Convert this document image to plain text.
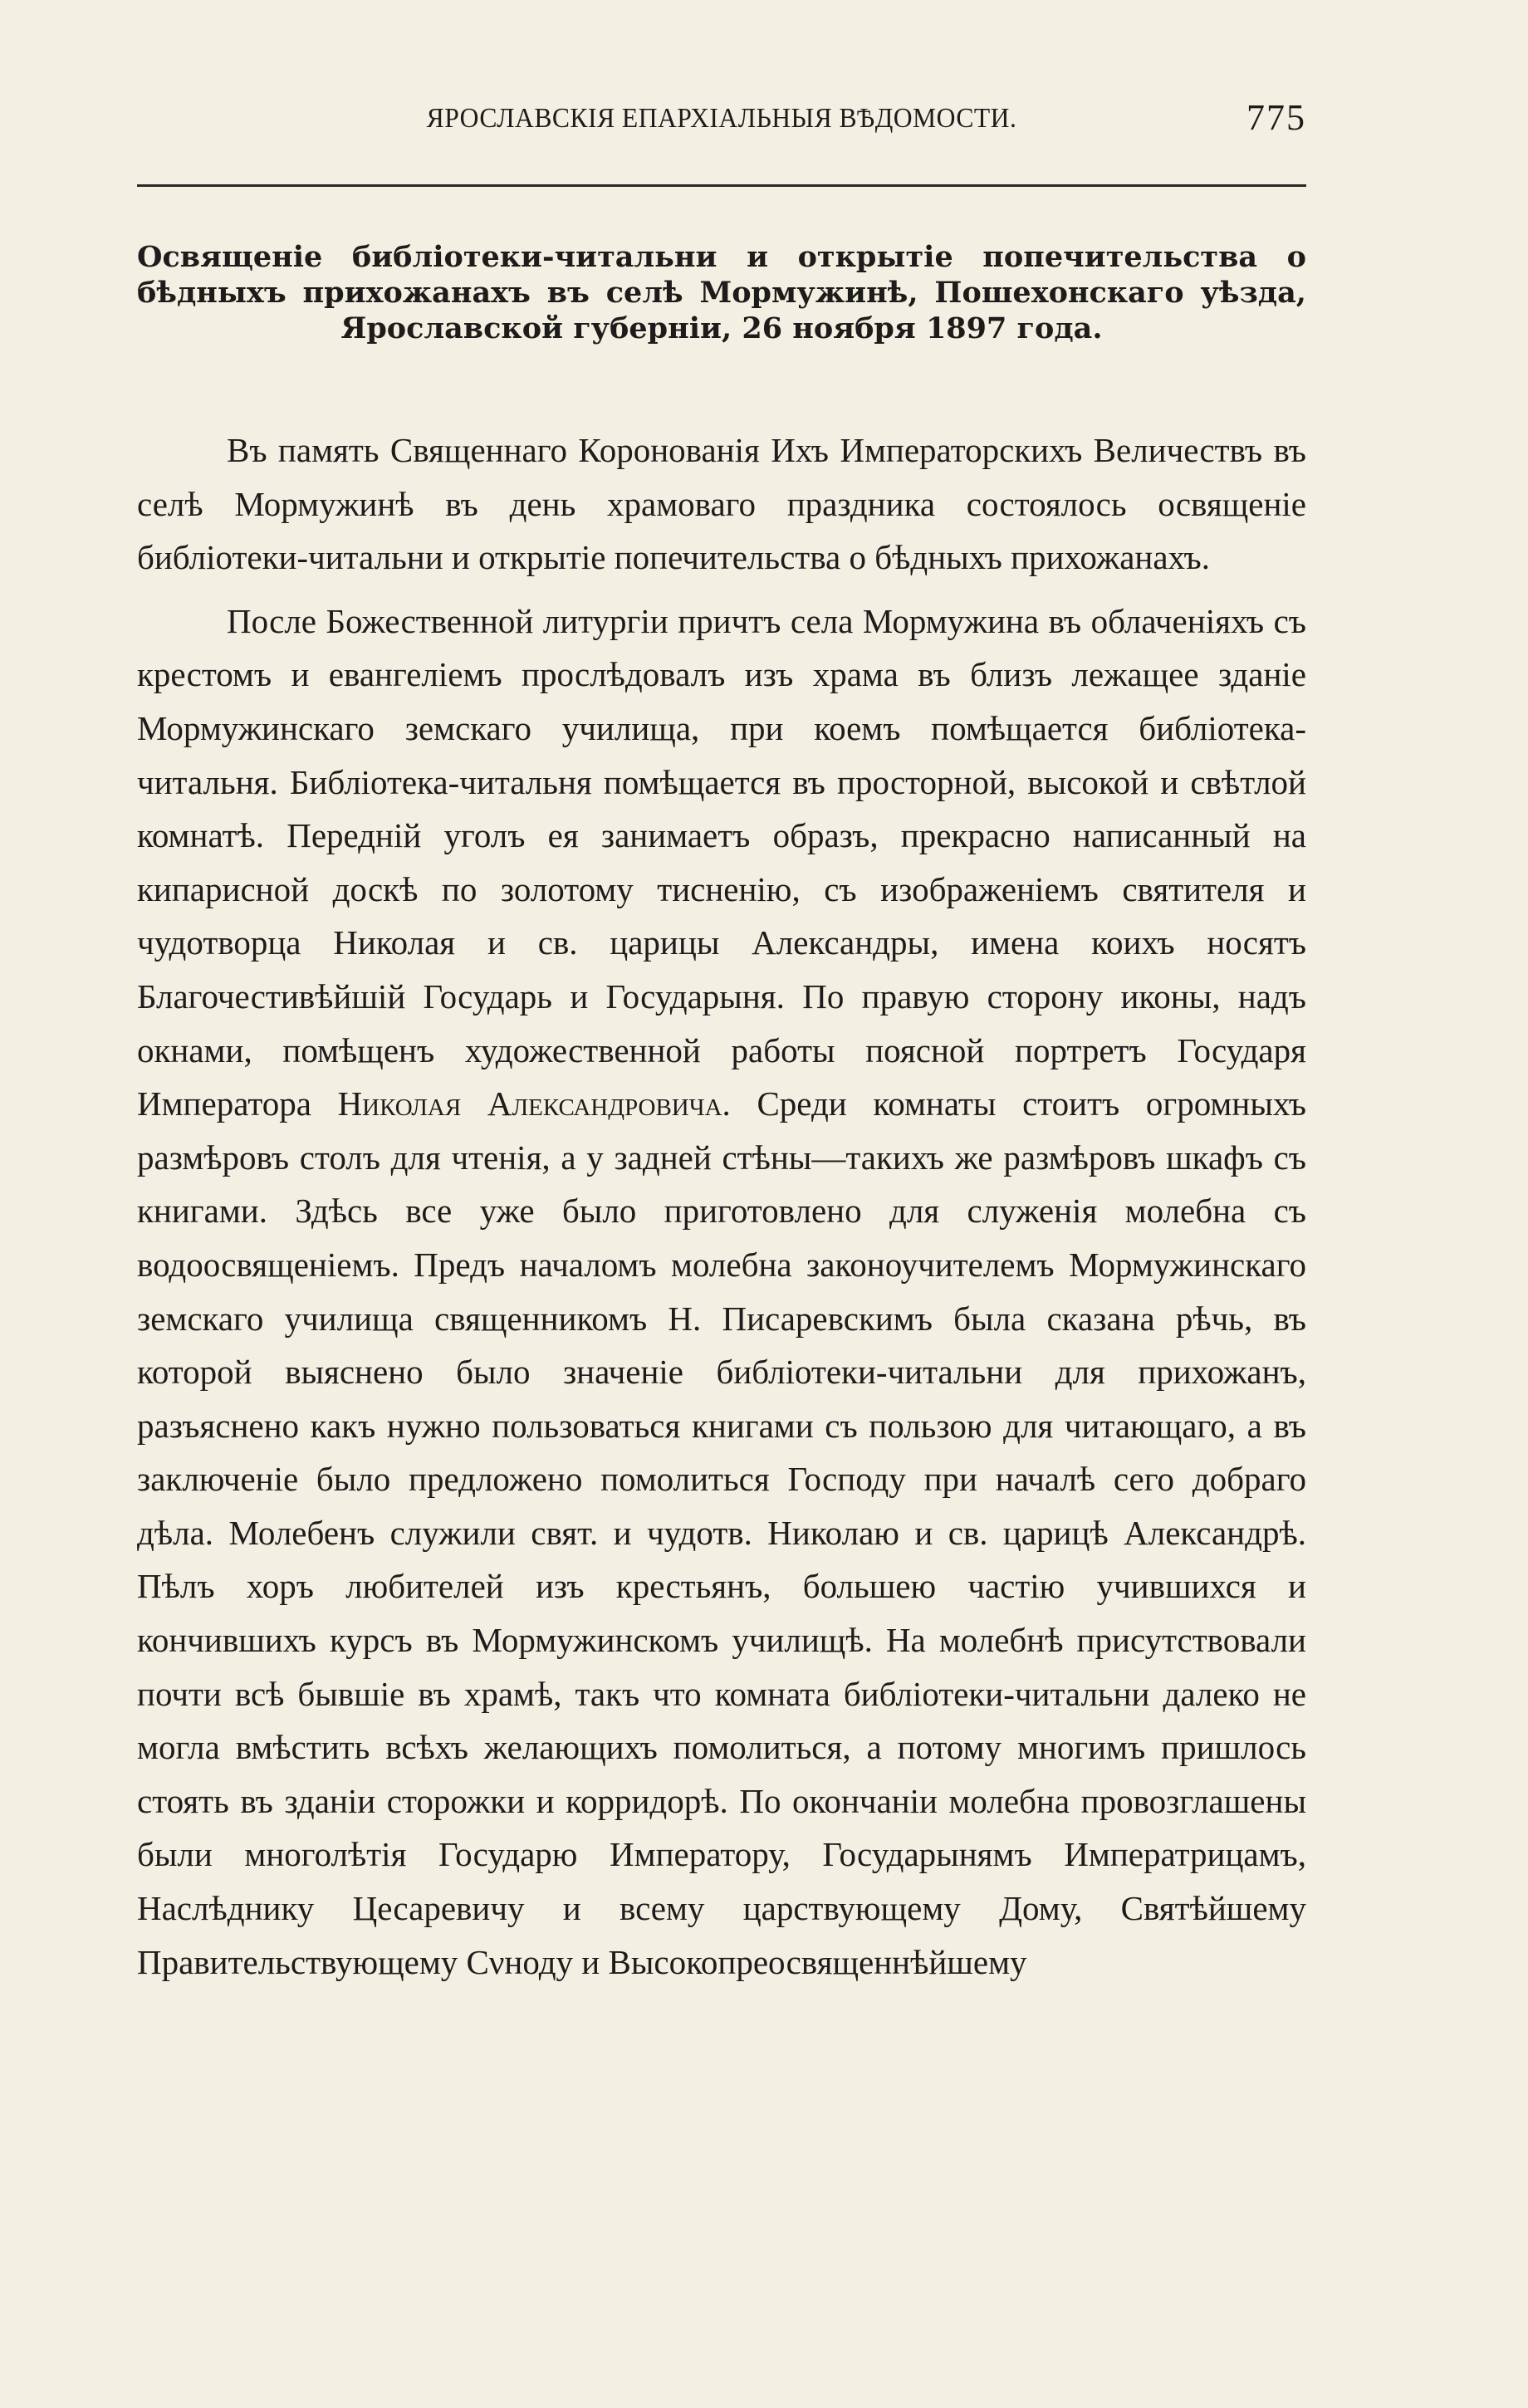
ЯРОСЛАВСКІЯ ЕПАРХІАЛЬНЫЯ ВѢДОМОСТИ.	775
Освященіе библіотеки-читальни и открытіе попечительства о бѣдныхъ прихожанахъ въ селѣ Мормужинѣ, Пошехонскаго уѣзда, Ярославской губерніи, 26 ноября 1897 года.

Въ память Священнаго Коронованія Ихъ Императорскихъ Величествъ въ селѣ Мормужинѣ въ день храмоваго праздника состоялось освященіе библіотеки-читальни и открытіе попечительства о бѣдныхъ прихожанахъ.

После Божественной литургіи причтъ села Мормужина въ облаченіяхъ съ крестомъ и евангеліемъ прослѣдовалъ изъ храма въ близъ лежащее зданіе Мормужинскаго земскаго училища, при коемъ помѣщается библіотека-читальня. Библіотека-читальня помѣщается въ просторной, высокой и свѣтлой комнатѣ. Передній уголъ ея занимаетъ образъ, прекрасно написанный на кипарисной доскѣ по золотому тисненію, съ изображеніемъ святителя и чудотворца Николая и св. царицы Александры, имена коихъ носятъ Благочестивѣйшій Государь и Государыня. По правую сторону иконы, надъ окнами, помѣщенъ художественной работы поясной портретъ Государя Императора Николая Александровича. Среди комнаты стоитъ огромныхъ размѣровъ столъ для чтенія, а у задней стѣны—такихъ же размѣровъ шкафъ съ книгами. Здѣсь все уже было приготовлено для служенія молебна съ водоосвященіемъ. Предъ началомъ молебна законоучителемъ Мормужинскаго земскаго училища священникомъ Н. Писаревскимъ была сказана рѣчь, въ которой выяснено было значеніе библіотеки-читальни для прихожанъ, разъяснено какъ нужно пользоваться книгами съ пользою для читающаго, а въ заключеніе было предложено помолиться Господу при началѣ сего добраго дѣла. Молебенъ служили свят. и чудотв. Николаю и св. царицѣ Александрѣ. Пѣлъ хоръ любителей изъ крестьянъ, большею частію учившихся и кончившихъ курсъ въ Мормужинскомъ училищѣ. На молебнѣ присутствовали почти всѣ бывшіе въ храмѣ, такъ что комната библіотеки-читальни далеко не могла вмѣстить всѣхъ желающихъ помолиться, а потому многимъ пришлось стоять въ зданіи сторожки и корридорѣ. По окончаніи молебна провозглашены были многолѣтія Государю Императору, Государынямъ Императрицамъ, Наслѣднику Цесаревичу и всему царствующему Дому, Святѣйшему Правительствующему Сνноду и Высокопреосвященнѣйшему
